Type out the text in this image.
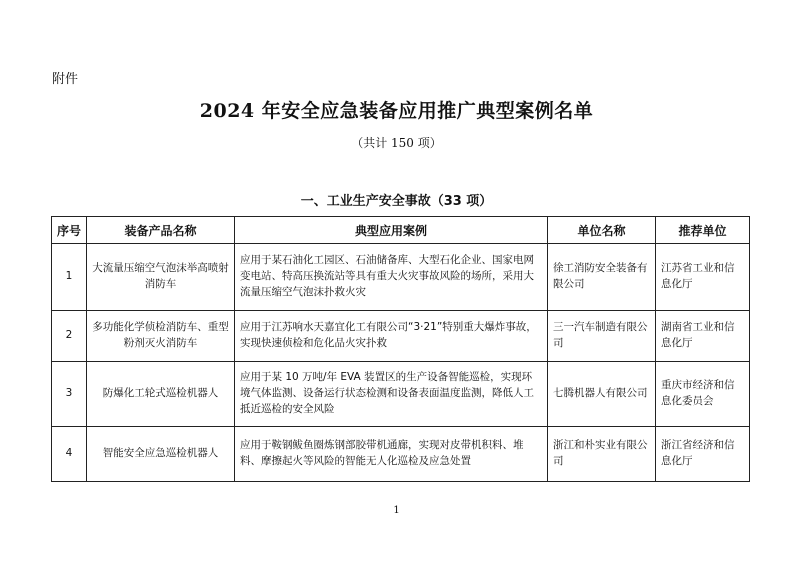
附件
2024 年安全应急装备应用推广典型案例名单
（共计 150 项）
一、工业生产安全事故（33 项）
序号	装备产品名称	典型应用案例	单位名称	推荐单位
1	大流量压缩空气泡沫举高喷射消防车	应用于某石油化工园区、石油储备库、大型石化企业、国家电网变电站、特高压换流站等具有重大火灾事故风险的场所，采用大流量压缩空气泡沫扑救火灾	徐工消防安全装备有限公司	江苏省工业和信息化厅
2	多功能化学侦检消防车、重型粉剂灭火消防车	应用于江苏响水天嘉宜化工有限公司“3·21”特别重大爆炸事故，实现快速侦检和危化品火灾扑救	三一汽车制造有限公司	湖南省工业和信息化厅
3	防爆化工轮式巡检机器人	应用于某 10 万吨/年 EVA 装置区的生产设备智能巡检，实现环境气体监测、设备运行状态检测和设备表面温度监测，降低人工抵近巡检的安全风险	七腾机器人有限公司	重庆市经济和信息化委员会
4	智能安全应急巡检机器人	应用于鞍钢鲅鱼圈炼钢部胶带机通廊，实现对皮带机积料、堆料、摩擦起火等风险的智能无人化巡检及应急处置	浙江和朴实业有限公司	浙江省经济和信息化厅
1
